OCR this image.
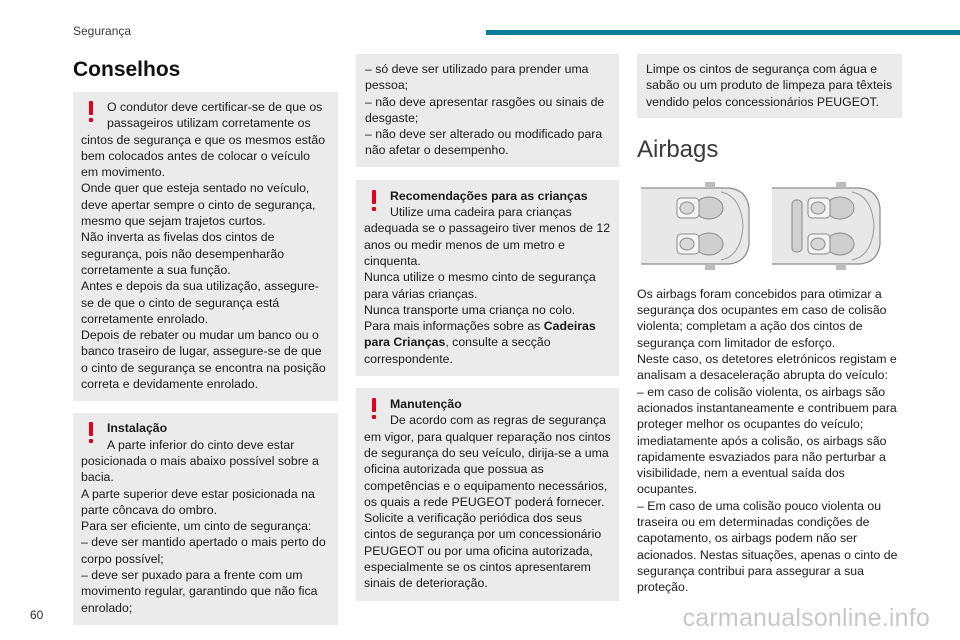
Segurança
Conselhos
O condutor deve certificar-se de que os passageiros utilizam corretamente os cintos de segurança e que os mesmos estão bem colocados antes de colocar o veículo em movimento.
Onde quer que esteja sentado no veículo, deve apertar sempre o cinto de segurança, mesmo que sejam trajetos curtos.
Não inverta as fivelas dos cintos de segurança, pois não desempenharão corretamente a sua função.
Antes e depois da sua utilização, assegure-se de que o cinto de segurança está corretamente enrolado.
Depois de rebater ou mudar um banco ou o banco traseiro de lugar, assegure-se de que o cinto de segurança se encontra na posição correta e devidamente enrolado.
Instalação
A parte inferior do cinto deve estar posicionada o mais abaixo possível sobre a bacia.
A parte superior deve estar posicionada na parte côncava do ombro.
Para ser eficiente, um cinto de segurança:
– deve ser mantido apertado o mais perto do corpo possível;
– deve ser puxado para a frente com um movimento regular, garantindo que não fica enrolado;
– só deve ser utilizado para prender uma pessoa;
– não deve apresentar rasgões ou sinais de desgaste;
– não deve ser alterado ou modificado para não afetar o desempenho.
Recomendações para as crianças
Utilize uma cadeira para crianças adequada se o passageiro tiver menos de 12 anos ou medir menos de um metro e cinquenta.
Nunca utilize o mesmo cinto de segurança para várias crianças.
Nunca transporte uma criança no colo.
Para mais informações sobre as Cadeiras para Crianças, consulte a secção correspondente.
Manutenção
De acordo com as regras de segurança em vigor, para qualquer reparação nos cintos de segurança do seu veículo, dirija-se a uma oficina autorizada que possua as competências e o equipamento necessários, os quais a rede PEUGEOT poderá fornecer.
Solicite a verificação periódica dos seus cintos de segurança por um concessionário PEUGEOT ou por uma oficina autorizada, especialmente se os cintos apresentarem sinais de deterioração.
Limpe os cintos de segurança com água e sabão ou um produto de limpeza para têxteis vendido pelos concessionários PEUGEOT.
Airbags
Os airbags foram concebidos para otimizar a segurança dos ocupantes em caso de colisão violenta; completam a ação dos cintos de segurança com limitador de esforço.
Neste caso, os detetores eletrónicos registam e analisam a desaceleração abrupta do veículo:
– em caso de colisão violenta, os airbags são acionados instantaneamente e contribuem para proteger melhor os ocupantes do veículo; imediatamente após a colisão, os airbags são rapidamente esvaziados para não perturbar a visibilidade, nem a eventual saída dos ocupantes.
– Em caso de uma colisão pouco violenta ou traseira ou em determinadas condições de capotamento, os airbags podem não ser acionados. Nestas situações, apenas o cinto de segurança contribui para assegurar a sua proteção.
60	carmanualsonline.info
